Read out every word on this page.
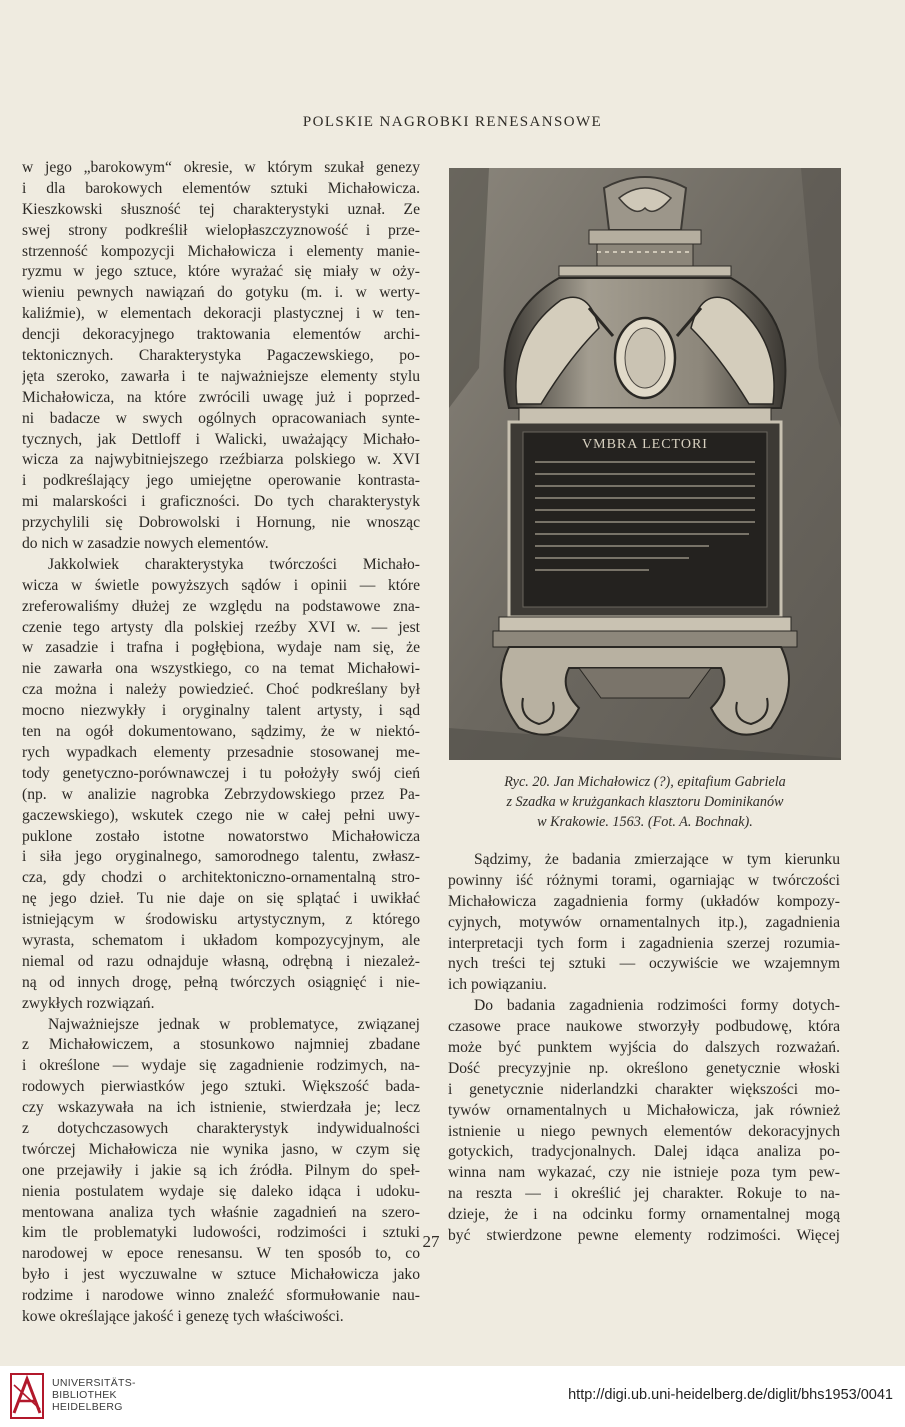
POLSKIE NAGROBKI RENESANSOWE
w jego „barokowym“ okresie, w którym szukał genezy
i dla barokowych elementów sztuki Michałowicza.
Kieszkowski słuszność tej charakterystyki uznał. Ze
swej strony podkreślił wielopłaszczyznowość i prze-
strzenność kompozycji Michałowicza i elementy manie-
ryzmu w jego sztuce, które wyrażać się miały w oży-
wieniu pewnych nawiązań do gotyku (m. i. w werty-
kaliźmie), w elementach dekoracji plastycznej i w ten-
dencji dekoracyjnego traktowania elementów archi-
tektonicznych. Charakterystyka Pagaczewskiego, po-
jęta szeroko, zawarła i te najważniejsze elementy stylu
Michałowicza, na które zwrócili uwagę już i poprzed-
ni badacze w swych ogólnych opracowaniach synte-
tycznych, jak Dettloff i Walicki, uważający Michało-
wicza za najwybitniejszego rzeźbiarza polskiego w. XVI
i podkreślający jego umiejętne operowanie kontrasta-
mi malarskości i graficzności. Do tych charakterystyk
przychylili się Dobrowolski i Hornung, nie wnosząc
do nich w zasadzie nowych elementów.
Jakkolwiek charakterystyka twórczości Michało-
wicza w świetle powyższych sądów i opinii — które
zreferowaliśmy dłużej ze względu na podstawowe zna-
czenie tego artysty dla polskiej rzeźby XVI w. — jest
w zasadzie i trafna i pogłębiona, wydaje nam się, że
nie zawarła ona wszystkiego, co na temat Michałowi-
cza można i należy powiedzieć. Choć podkreślany był
mocno niezwykły i oryginalny talent artysty, i sąd
ten na ogół dokumentowano, sądzimy, że w niektó-
rych wypadkach elementy przesadnie stosowanej me-
tody genetyczno-porównawczej i tu położyły swój cień
(np. w analizie nagrobka Zebrzydowskiego przez Pa-
gaczewskiego), wskutek czego nie w całej pełni uwy-
puklone zostało istotne nowatorstwo Michałowicza
i siła jego oryginalnego, samorodnego talentu, zwłasz-
cza, gdy chodzi o architektoniczno-ornamentalną stro-
nę jego dzieł. Tu nie daje on się splątać i uwikłać
istniejącym w środowisku artystycznym, z którego
wyrasta, schematom i układom kompozycyjnym, ale
niemal od razu odnajduje własną, odrębną i niezależ-
ną od innych drogę, pełną twórczych osiągnięć i nie-
zwykłych rozwiązań.
Najważniejsze jednak w problematyce, związanej
z Michałowiczem, a stosunkowo najmniej zbadane
i określone — wydaje się zagadnienie rodzimych, na-
rodowych pierwiastków jego sztuki. Większość bada-
czy wskazywała na ich istnienie, stwierdzała je; lecz
z dotychczasowych charakterystyk indywidualności
twórczej Michałowicza nie wynika jasno, w czym się
one przejawiły i jakie są ich źródła. Pilnym do speł-
nienia postulatem wydaje się daleko idąca i udoku-
mentowana analiza tych właśnie zagadnień na szero-
kim tle problematyki ludowości, rodzimości i sztuki
narodowej w epoce renesansu. W ten sposób to, co
było i jest wyczuwalne w sztuce Michałowicza jako
rodzime i narodowe winno znaleźć sformułowanie nau-
kowe określające jakość i genezę tych właściwości.
VMBRA LECTORI
Ryc. 20. Jan Michałowicz (?), epitafium Gabriela
z Szadka w krużgankach klasztoru Dominikanów
w Krakowie. 1563. (Fot. A. Bochnak).
Sądzimy, że badania zmierzające w tym kierunku
powinny iść różnymi torami, ogarniając w twórczości
Michałowicza zagadnienia formy (układów kompozy-
cyjnych, motywów ornamentalnych itp.), zagadnienia
interpretacji tych form i zagadnienia szerzej rozumia-
nych treści tej sztuki — oczywiście we wzajemnym
ich powiązaniu.
Do badania zagadnienia rodzimości formy dotych-
czasowe prace naukowe stworzyły podbudowę, która
może być punktem wyjścia do dalszych rozważań.
Dość precyzyjnie np. określono genetycznie włoski
i genetycznie niderlandzki charakter większości mo-
tywów ornamentalnych u Michałowicza, jak również
istnienie u niego pewnych elementów dekoracyjnych
gotyckich, tradycjonalnych. Dalej idąca analiza po-
winna nam wykazać, czy nie istnieje poza tym pew-
na reszta — i określić jej charakter. Rokuje to na-
dzieje, że i na odcinku formy ornamentalnej mogą
być stwierdzone pewne elementy rodzimości. Więcej
27
UNIVERSITÄTS-
BIBLIOTHEK
HEIDELBERG
http://digi.ub.uni-heidelberg.de/diglit/bhs1953/0041
